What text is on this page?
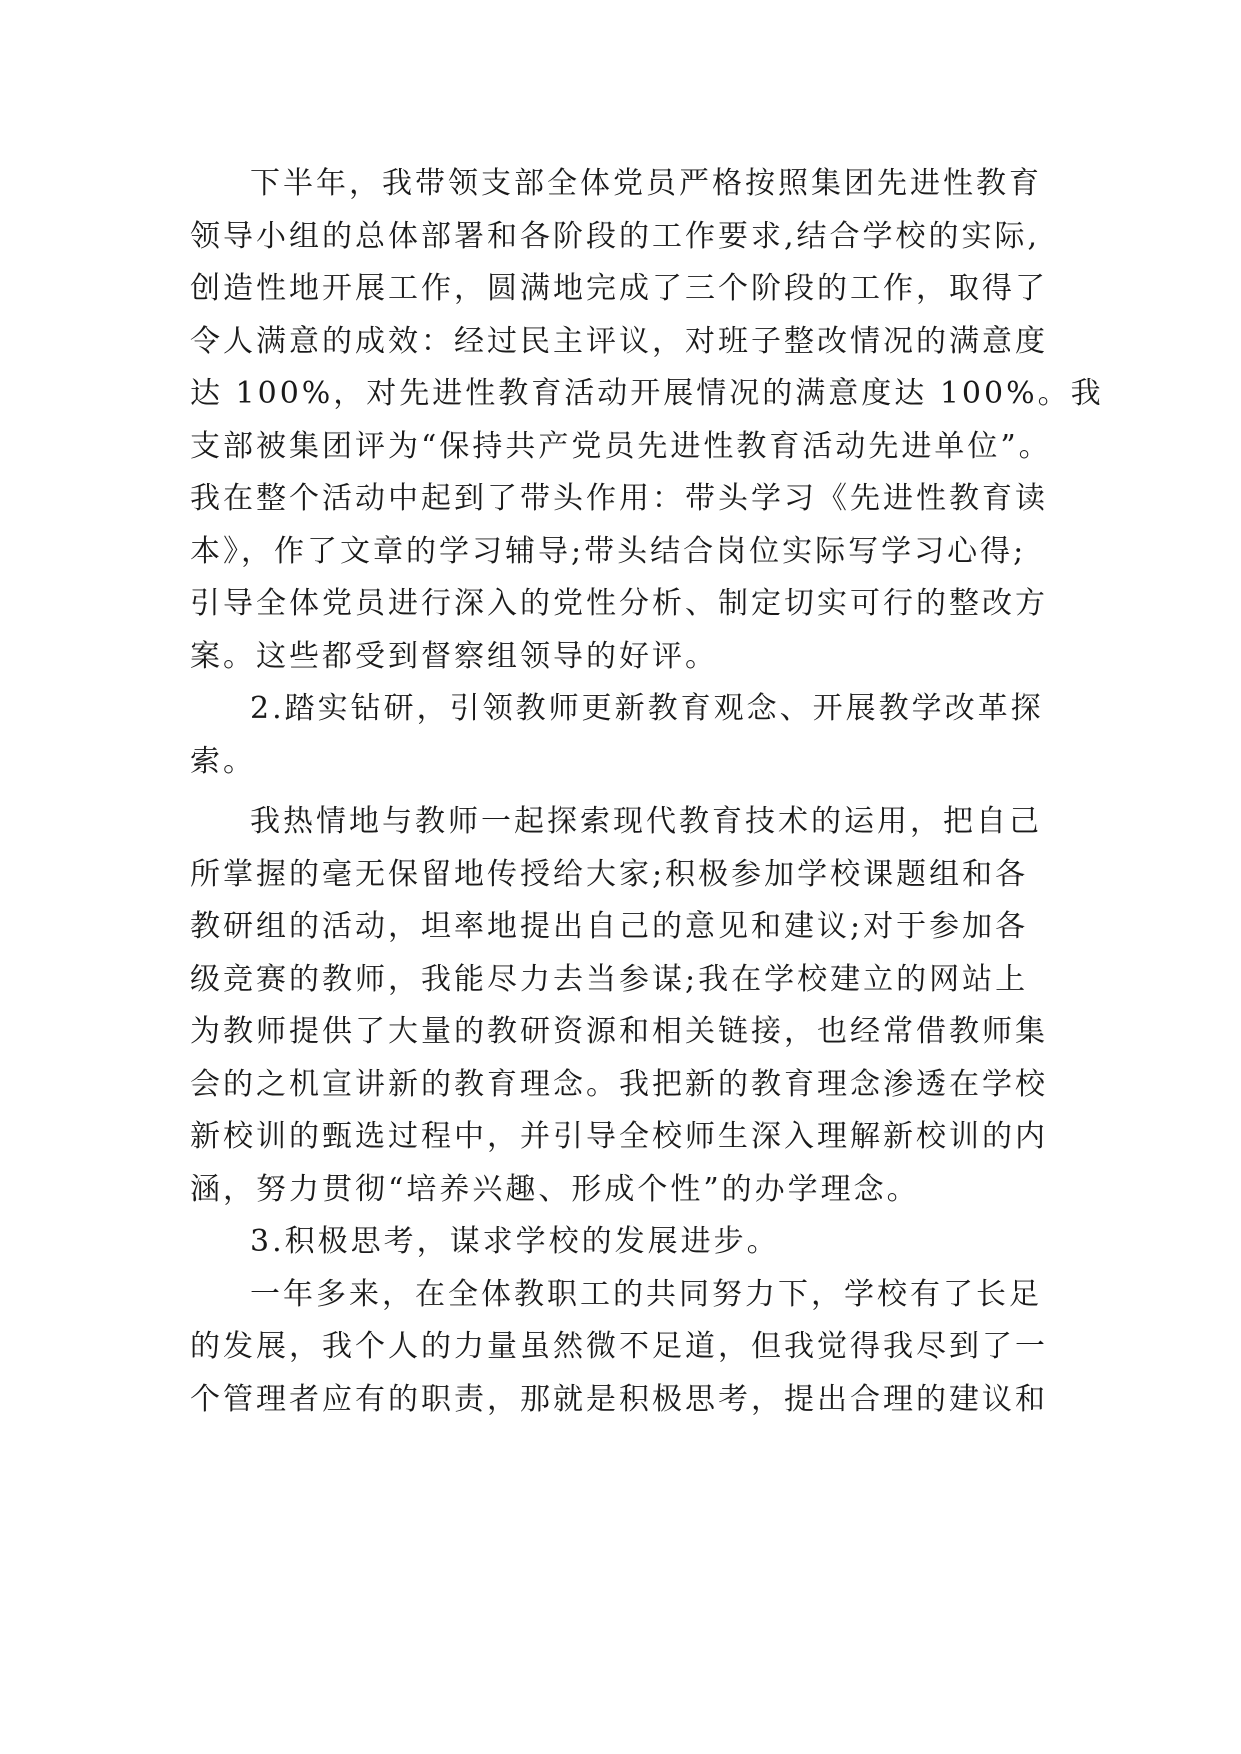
下半年，我带领支部全体党员严格按照集团先进性教育
领导小组的总体部署和各阶段的工作要求,结合学校的实际,
创造性地开展工作，圆满地完成了三个阶段的工作，取得了
令人满意的成效：经过民主评议，对班子整改情况的满意度
达 100%，对先进性教育活动开展情况的满意度达 100%。我
支部被集团评为“保持共产党员先进性教育活动先进单位”。
我在整个活动中起到了带头作用：带头学习《先进性教育读
本》，作了文章的学习辅导;带头结合岗位实际写学习心得;
引导全体党员进行深入的党性分析、制定切实可行的整改方
案。这些都受到督察组领导的好评。
2.踏实钻研，引领教师更新教育观念、开展教学改革探
索。
我热情地与教师一起探索现代教育技术的运用，把自己
所掌握的毫无保留地传授给大家;积极参加学校课题组和各
教研组的活动，坦率地提出自己的意见和建议;对于参加各
级竞赛的教师，我能尽力去当参谋;我在学校建立的网站上
为教师提供了大量的教研资源和相关链接，也经常借教师集
会的之机宣讲新的教育理念。我把新的教育理念渗透在学校
新校训的甄选过程中，并引导全校师生深入理解新校训的内
涵，努力贯彻“培养兴趣、形成个性”的办学理念。
3.积极思考，谋求学校的发展进步。
一年多来，在全体教职工的共同努力下，学校有了长足
的发展，我个人的力量虽然微不足道，但我觉得我尽到了一
个管理者应有的职责，那就是积极思考，提出合理的建议和
